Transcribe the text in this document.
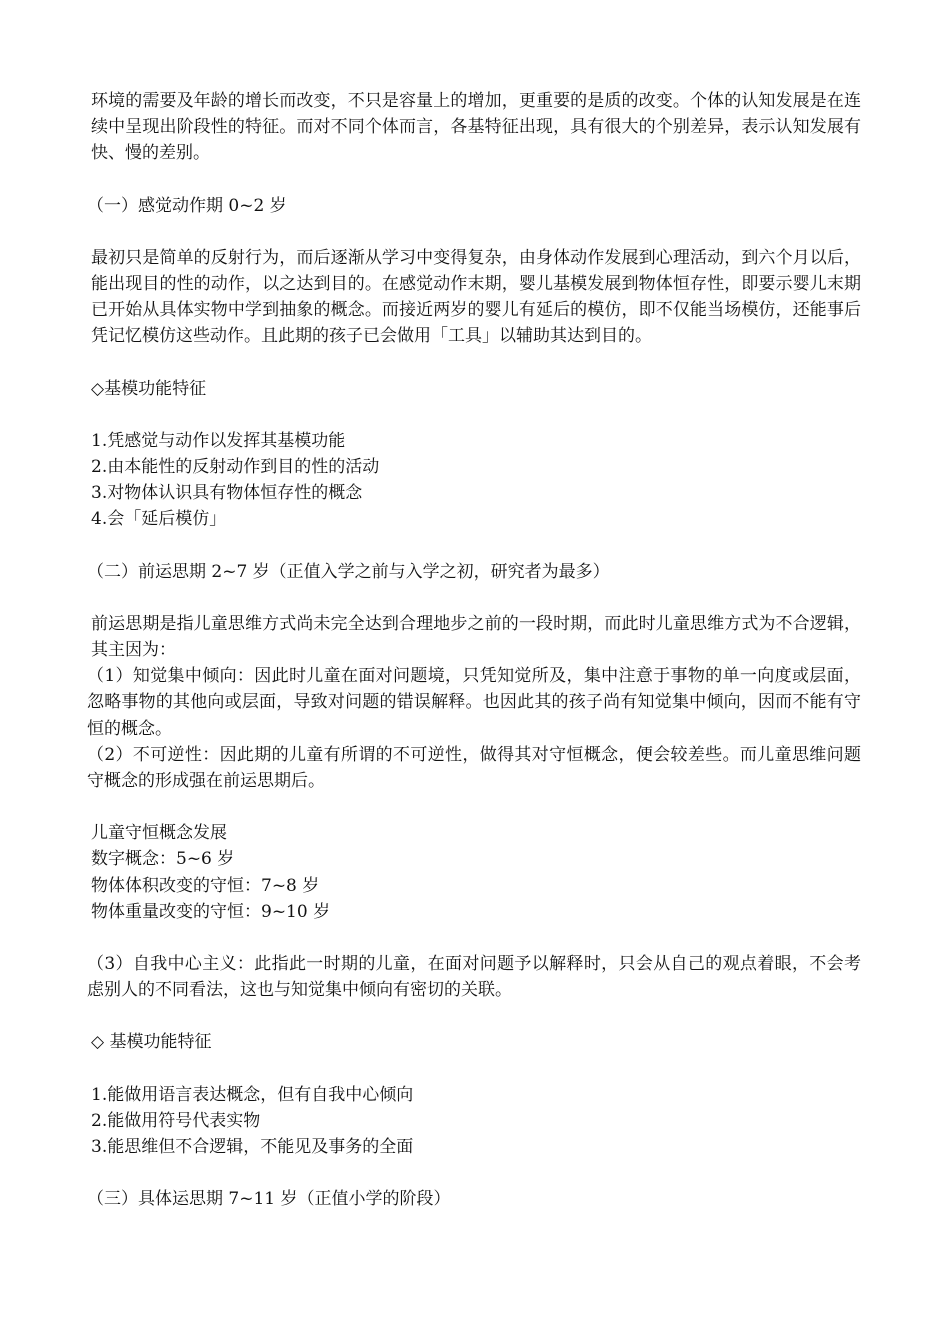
环境的需要及年龄的增长而改变，不只是容量上的增加，更重要的是质的改变。个体的认知发展是在连续中呈现出阶段性的特征。而对不同个体而言，各基特征出现，具有很大的个别差异，表示认知发展有快、慢的差别。

（一）感觉动作期 0~2 岁

最初只是简单的反射行为，而后逐渐从学习中变得复杂，由身体动作发展到心理活动，到六个月以后，能出现目的性的动作，以之达到目的。在感觉动作末期，婴儿基模发展到物体恒存性，即要示婴儿末期已开始从具体实物中学到抽象的概念。而接近两岁的婴儿有延后的模仿，即不仅能当场模仿，还能事后凭记忆模仿这些动作。且此期的孩子已会做用「工具」以辅助其达到目的。

◇基模功能特征

1.凭感觉与动作以发挥其基模功能

2.由本能性的反射动作到目的性的活动

3.对物体认识具有物体恒存性的概念

4.会「延后模仿」

（二）前运思期 2~7 岁（正值入学之前与入学之初，研究者为最多）

前运思期是指儿童思维方式尚未完全达到合理地步之前的一段时期，而此时儿童思维方式为不合逻辑，其主因为：

（1）知觉集中倾向：因此时儿童在面对问题境，只凭知觉所及，集中注意于事物的单一向度或层面，忽略事物的其他向或层面，导致对问题的错误解释。也因此其的孩子尚有知觉集中倾向，因而不能有守恒的概念。

（2）不可逆性：因此期的儿童有所谓的不可逆性，做得其对守恒概念，便会较差些。而儿童思维问题守概念的形成强在前运思期后。

儿童守恒概念发展

数字概念：5~6 岁

物体体积改变的守恒：7~8 岁

物体重量改变的守恒：9~10 岁

（3）自我中心主义：此指此一时期的儿童，在面对问题予以解释时，只会从自己的观点着眼，不会考虑别人的不同看法，这也与知觉集中倾向有密切的关联。

◇ 基模功能特征

1.能做用语言表达概念，但有自我中心倾向

2.能做用符号代表实物

3.能思维但不合逻辑，不能见及事务的全面

（三）具体运思期 7~11 岁（正值小学的阶段）
